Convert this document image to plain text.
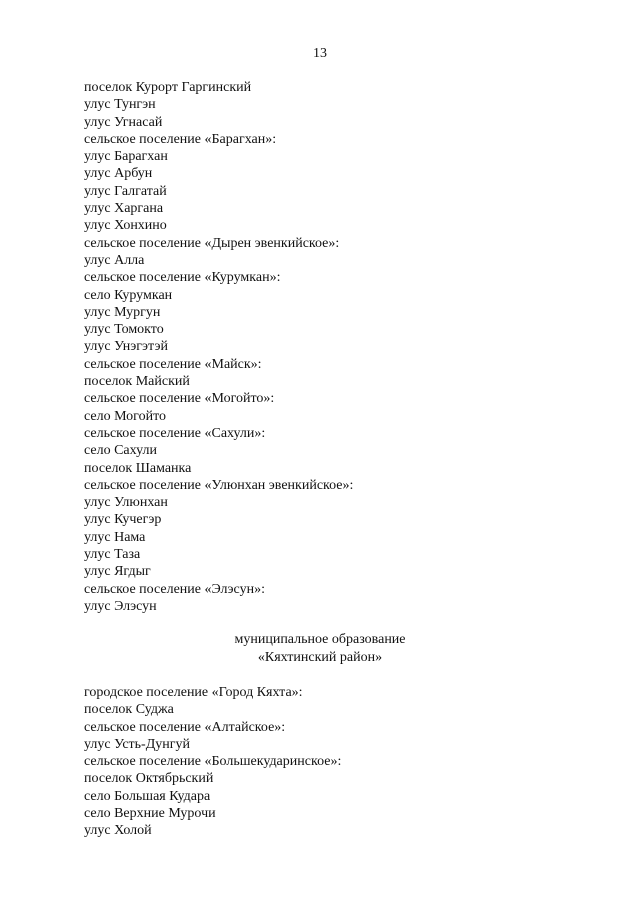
13
поселок Курорт Гаргинский
улус Тунгэн
улус Угнасай
сельское поселение «Барагхан»:
улус Барагхан
улус Арбун
улус Галгатай
улус Харгана
улус Хонхино
сельское поселение «Дырен эвенкийское»:
улус Алла
сельское поселение «Курумкан»:
село Курумкан
улус Мургун
улус Томокто
улус Унэгэтэй
сельское поселение «Майск»:
поселок Майский
сельское поселение «Могойто»:
село Могойто
сельское поселение «Сахули»:
село Сахули
поселок Шаманка
сельское поселение «Улюнхан эвенкийское»:
улус Улюнхан
улус Кучегэр
улус Нама
улус Таза
улус Ягдыг
сельское поселение «Элэсун»:
улус Элэсун
муниципальное образование
«Кяхтинский район»
городское поселение «Город Кяхта»:
поселок Суджа
сельское поселение «Алтайское»:
улус Усть-Дунгуй
сельское поселение «Большекударинское»:
поселок Октябрьский
село Большая Кудара
село Верхние Мурочи
улус Холой
